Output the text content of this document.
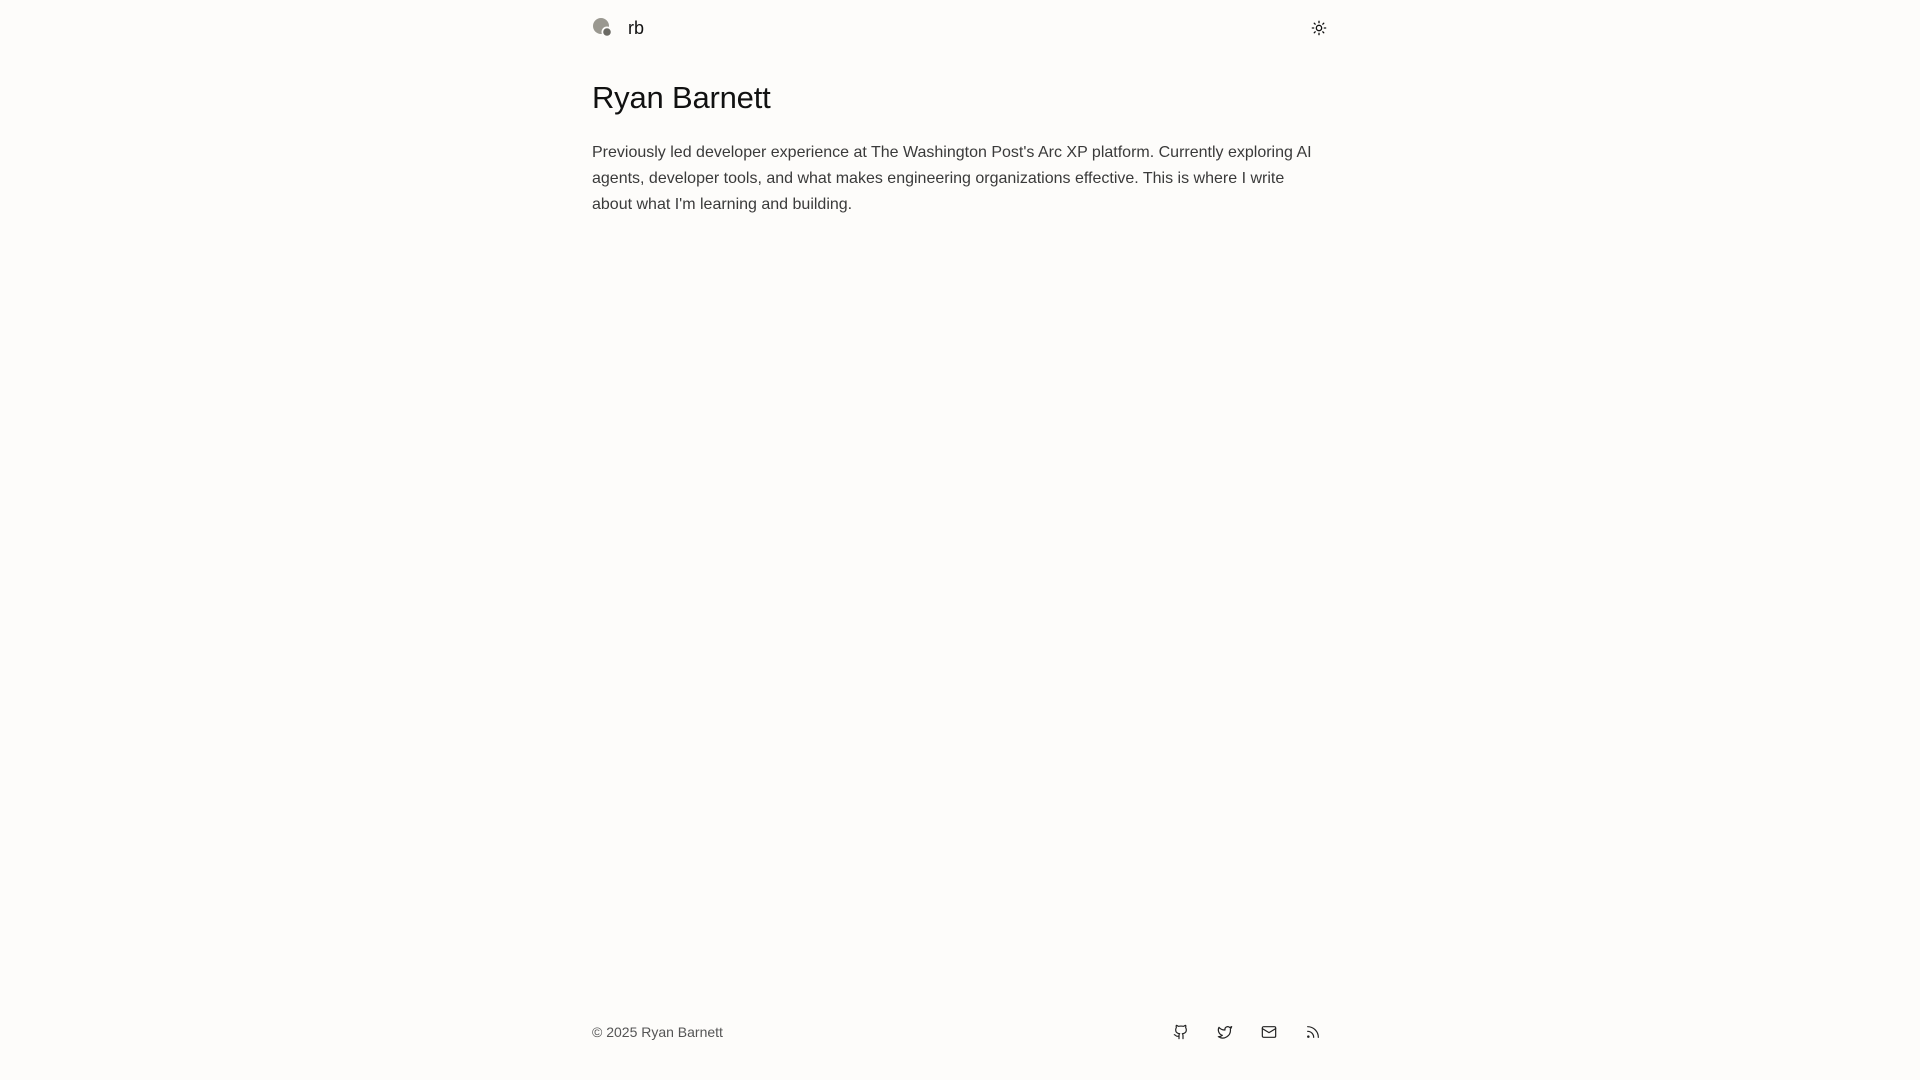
rb
Ryan Barnett

Previously led developer experience at The Washington Post's Arc XP platform. Currently exploring AI agents, developer tools, and what makes engineering organizations effective. This is where I write about what I'm learning and building.

© 2025 Ryan Barnett
